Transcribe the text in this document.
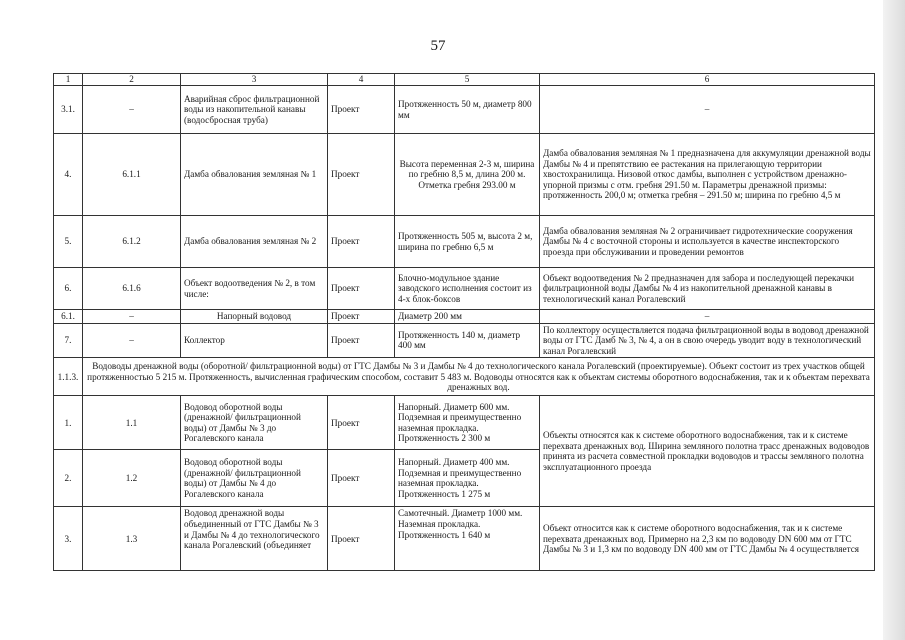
57
1	2	3	4	5	6
3.1.	–	Аварийная сброс фильтрационной воды из накопительной канавы (водосбросная труба)	Проект	Протяженность 50 м, диаметр 800 мм	–
4.	6.1.1	Дамба обвалования земляная № 1	Проект	Высота переменная 2-3 м, ширина по гребню 8,5 м, длина 200 м. Отметка гребня 293.00 м	Дамба обвалования земляная № 1 предназначена для аккумуляции дренажной воды Дамбы № 4 и препятствию ее растекания на прилегающую территории хвостохранилища. Низовой откос дамбы, выполнен с устройством дренажно-упорной призмы с отм. гребня 291.50 м. Параметры дренажной призмы: протяженность 200,0 м; отметка гребня – 291.50 м; ширина по гребню 4,5 м
5.	6.1.2	Дамба обвалования земляная № 2	Проект	Протяженность 505 м, высота 2 м, ширина по гребню 6,5 м	Дамба обвалования земляная № 2 ограничивает гидротехнические сооружения Дамбы № 4 с восточной стороны и используется в качестве инспекторского проезда при обслуживании и проведении ремонтов
6.	6.1.6	Объект водоотведения № 2, в том числе:	Проект	Блочно-модульное здание заводского исполнения состоит из 4-х блок-боксов	Объект водоотведения № 2 предназначен для забора и последующей перекачки фильтрационной воды Дамбы № 4 из накопительной дренажной канавы в технологический канал Рогалевский
6.1.	–	Напорный водовод	Проект	Диаметр 200 мм	–
7.	–	Коллектор	Проект	Протяженность 140 м, диаметр 400 мм	По коллектору осуществляется подача фильтрационной воды в водовод дренажной воды от ГТС Дамб № 3, № 4, а он в свою очередь уводит воду в технологический канал Рогалевский
1.1.3.	Водоводы дренажной воды (оборотной/ фильтрационной воды) от ГТС Дамбы № 3 и Дамбы № 4 до технологического канала Рогалевский (проектируемые). Объект состоит из трех участков общей протяженностью 5 215 м. Протяженность, вычисленная графическим способом, составит 5 483 м. Водоводы относятся как к объектам системы оборотного водоснабжения, так и к объектам перехвата дренажных вод.				
1.	1.1	Водовод оборотной воды (дренажной/ фильтрационной воды) от Дамбы № 3 до Рогалевского канала	Проект	Напорный. Диаметр 600 мм. Подземная и преимущественно наземная прокладка. Протяженность 2 300 м	Объекты относятся как к системе оборотного водоснабжения, так и к системе перехвата дренажных вод. Ширина земляного полотна трасс дренажных водоводов принята из расчета совместной прокладки водоводов и трассы земляного полотна эксплуатационного проезда
2.	1.2	Водовод оборотной воды (дренажной/ фильтрационной воды) от Дамбы № 4 до Рогалевского канала	Проект	Напорный. Диаметр 400 мм. Подземная и преимущественно наземная прокладка. Протяженность 1 275 м	
3.	1.3	Водовод дренажной воды объединенный от ГТС Дамбы № 3 и Дамбы № 4 до технологического канала Рогалевский (объединяет	Проект	Самотечный. Диаметр 1000 мм. Наземная прокладка. Протяженность 1 640 м	Объект относится как к системе оборотного водоснабжения, так и к системе перехвата дренажных вод. Примерно на 2,3 км по водоводу DN 600 мм от ГТС Дамбы № 3 и 1,3 км по водоводу DN 400 мм от ГТС Дамбы № 4 осуществляется
